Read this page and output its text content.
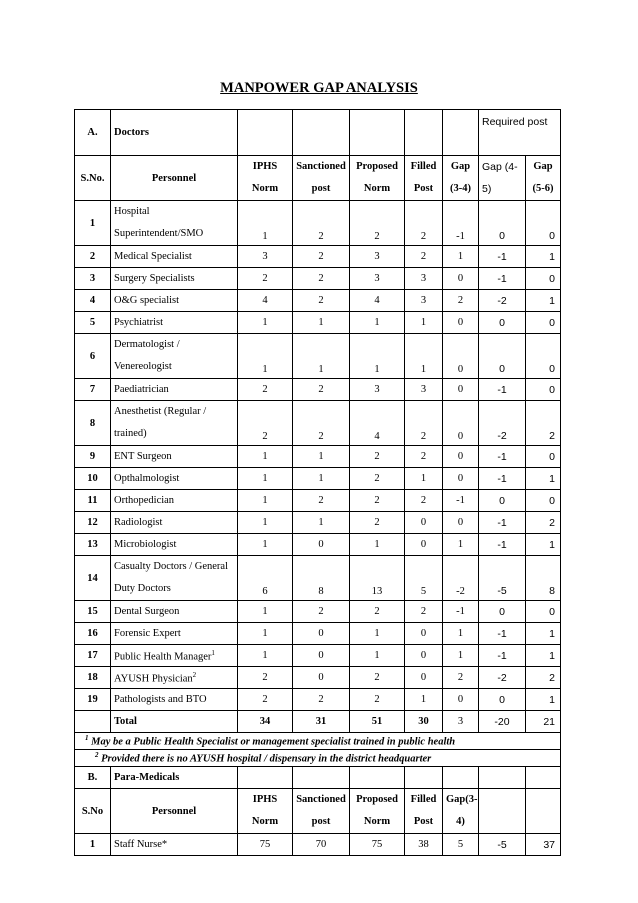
MANPOWER GAP ANALYSIS
A.	Doctors						Required post	
S.No.	Personnel	IPHS Norm	Sanctioned post	Proposed Norm	Filled Post	Gap (3-4)	Gap (4-5)	Gap (5-6)
1	Hospital Superintendent/SMO	1	2	2	2	-1	0	0
2	Medical Specialist	3	2	3	2	1	-1	1
3	Surgery Specialists	2	2	3	3	0	-1	0
4	O&G specialist	4	2	4	3	2	-2	1
5	Psychiatrist	1	1	1	1	0	0	0
6	Dermatologist / Venereologist	1	1	1	1	0	0	0
7	Paediatrician	2	2	3	3	0	-1	0
8	Anesthetist (Regular / trained)	2	2	4	2	0	-2	2
9	ENT Surgeon	1	1	2	2	0	-1	0
10	Opthalmologist	1	1	2	1	0	-1	1
11	Orthopedician	1	2	2	2	-1	0	0
12	Radiologist	1	1	2	0	0	-1	2
13	Microbiologist	1	0	1	0	1	-1	1
14	Casualty Doctors / General Duty Doctors	6	8	13	5	-2	-5	8
15	Dental Surgeon	1	2	2	2	-1	0	0
16	Forensic Expert	1	0	1	0	1	-1	1
17	Public Health Manager$^1$	1	0	1	0	1	-1	1
18	AYUSH Physician$^2$	2	0	2	0	2	-2	2
19	Pathologists and BTO	2	2	2	1	0	0	1
	Total	34	31	51	30	3	-20	21
$^1$ May be a Public Health Specialist or management specialist trained in public health								
$^2$ Provided there is no AYUSH hospital / dispensary in the district headquarter								
B.	Para-Medicals							
S.No	Personnel	IPHS Norm	Sanctioned post	Proposed Norm	Filled Post	Gap(3-4)		
1	Staff Nurse*	75	70	75	38	5	-5	37
